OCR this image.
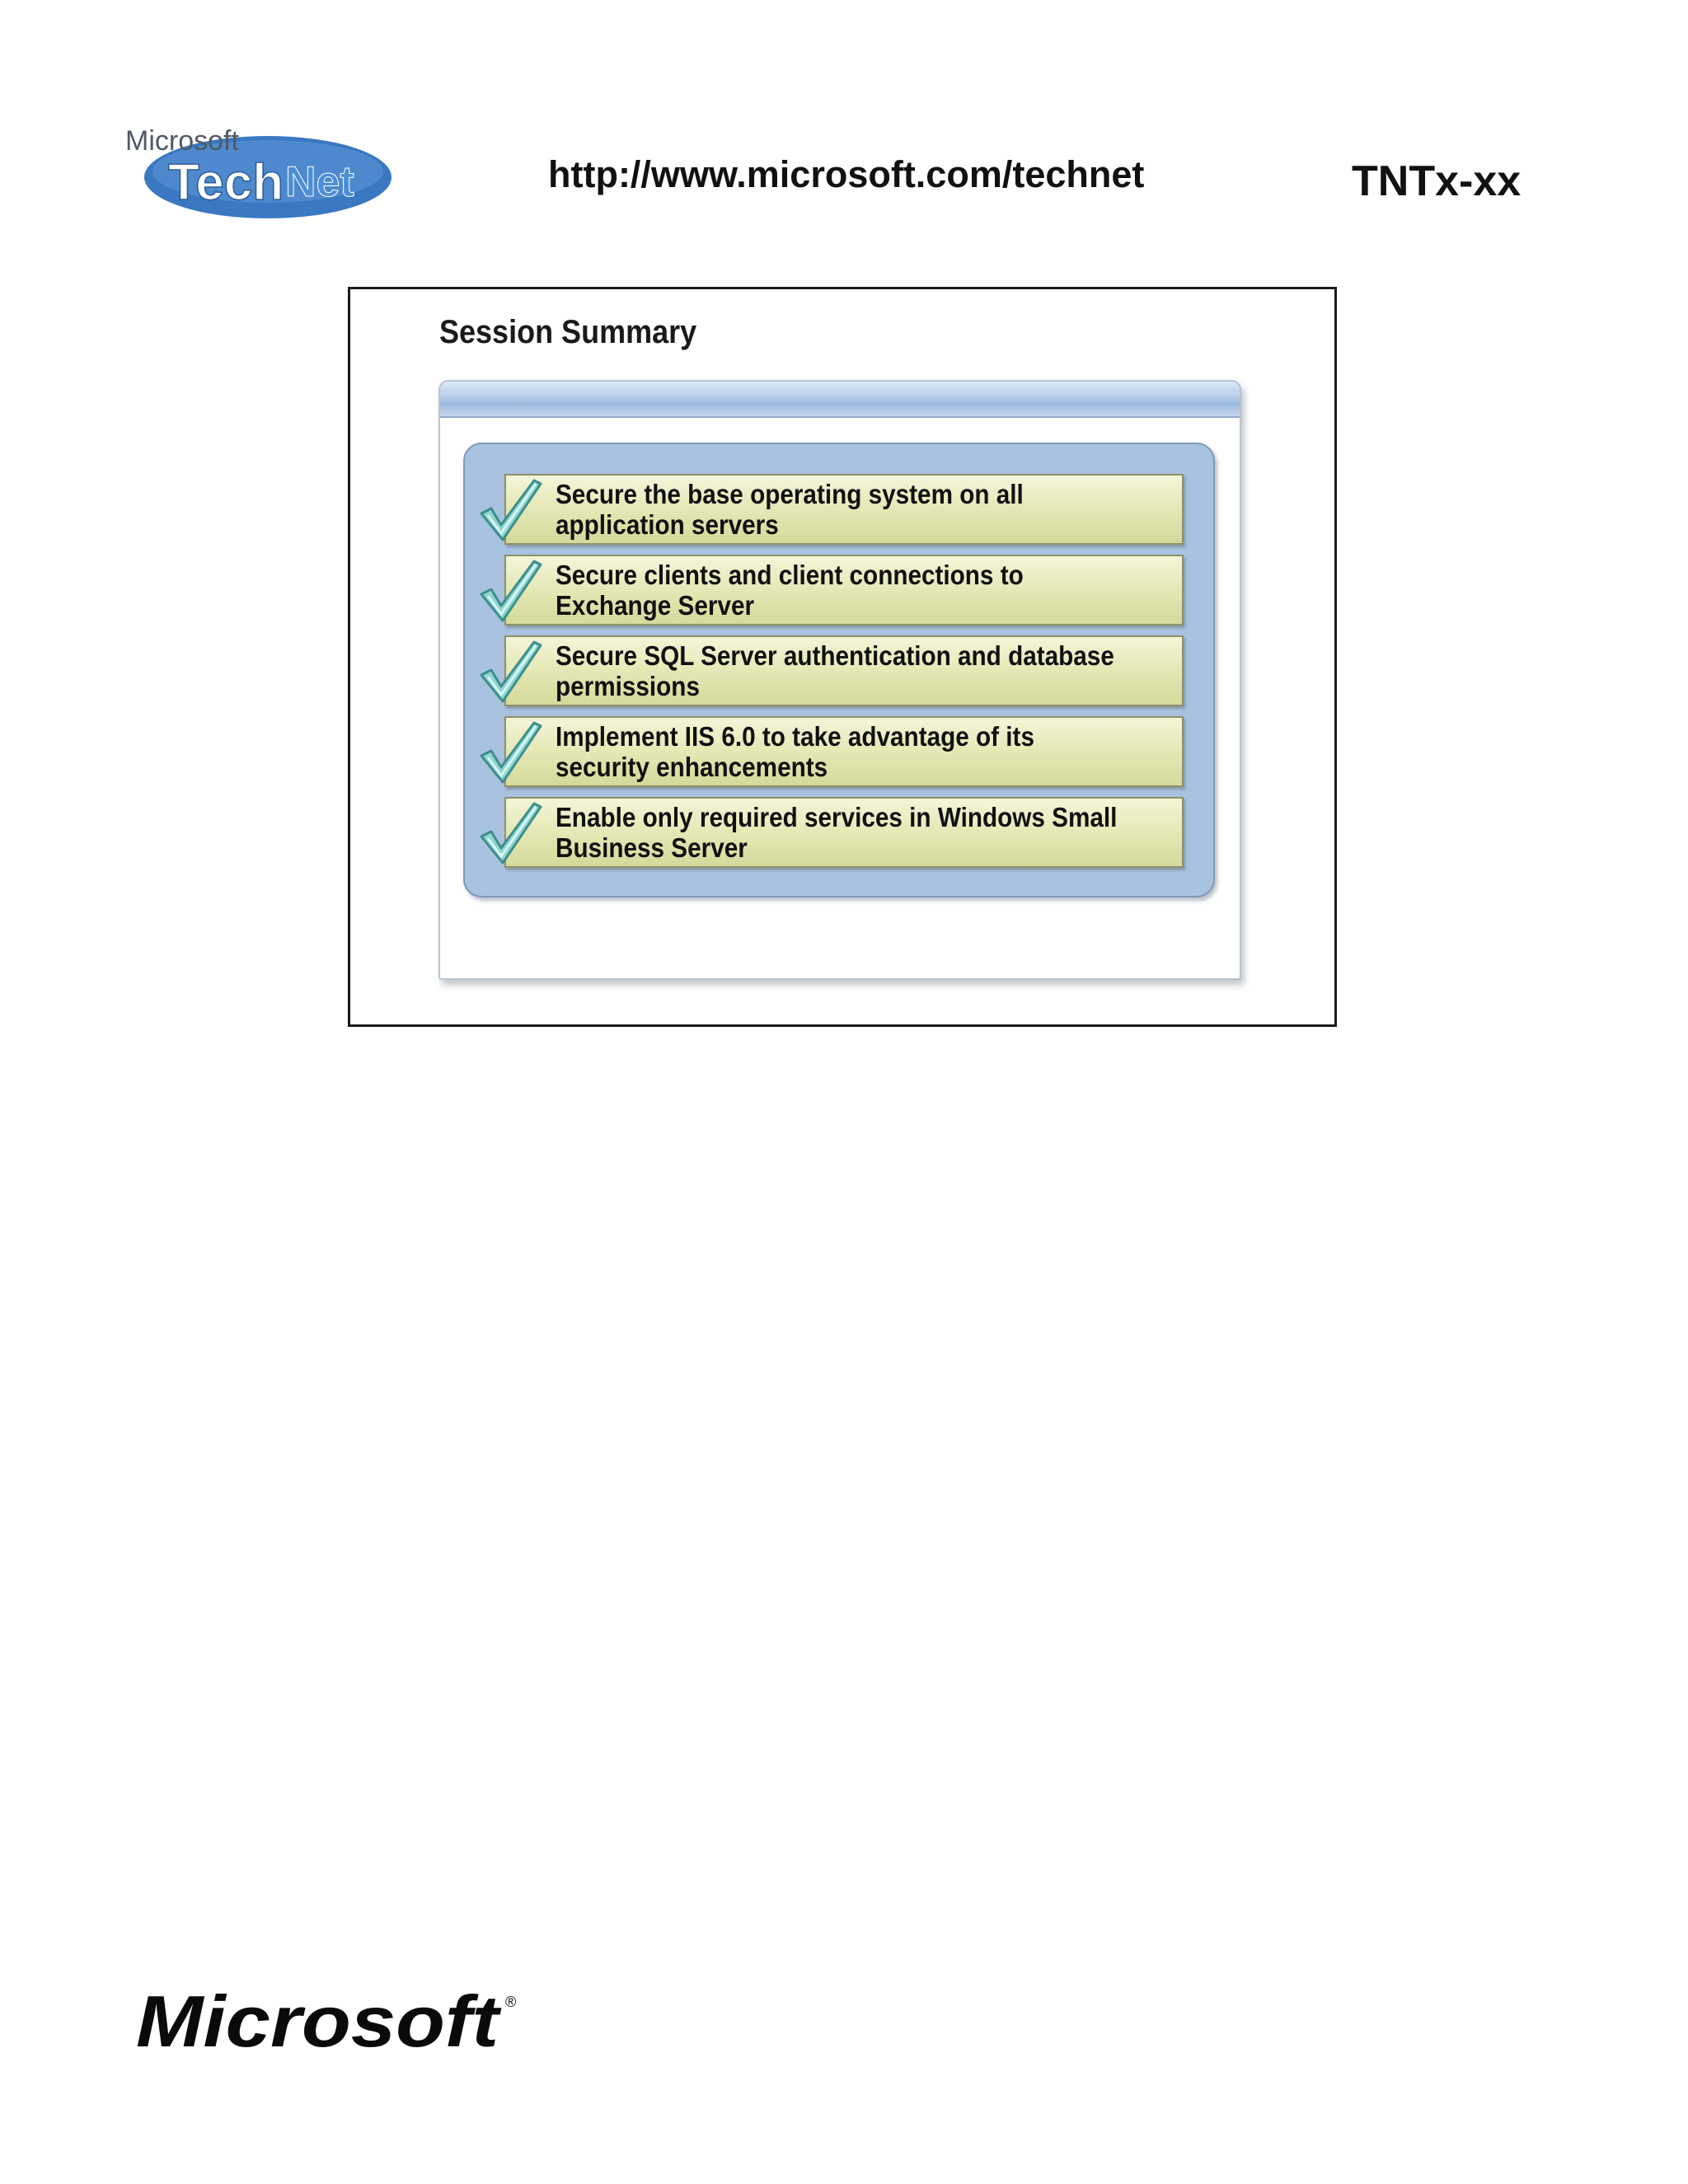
Microsoft
Tech Net	http://www.microsoft.com/technet	TNTx-xx
Session Summary
Secure the base operating system on all application servers
Secure clients and client connections to Exchange Server
Secure SQL Server authentication and database permissions
Implement IIS 6.0 to take advantage of its security enhancements
Enable only required services in Windows Small Business Server
Microsoft ®
